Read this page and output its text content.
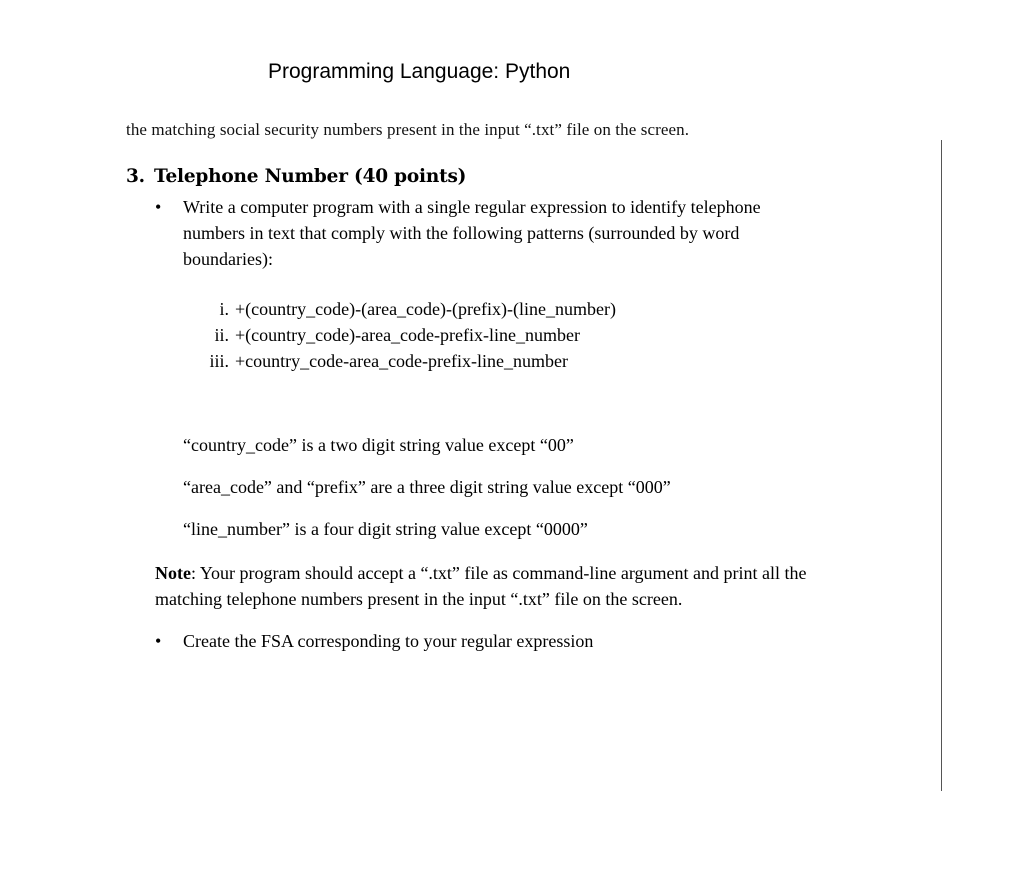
Programming Language: Python
the matching social security numbers present in the input “.txt” file on the screen.
3. Telephone Number (40 points)
• Write a computer program with a single regular expression to identify telephone numbers in text that comply with the following patterns (surrounded by word boundaries):
i. +(country_code)-(area_code)-(prefix)-(line_number)
ii. +(country_code)-area_code-prefix-line_number
iii. +country_code-area_code-prefix-line_number
“country_code” is a two digit string value except “00”
“area_code” and “prefix” are a three digit string value except “000”
“line_number” is a four digit string value except “0000”
Note: Your program should accept a “.txt” file as command-line argument and print all the matching telephone numbers present in the input “.txt” file on the screen.
• Create the FSA corresponding to your regular expression
